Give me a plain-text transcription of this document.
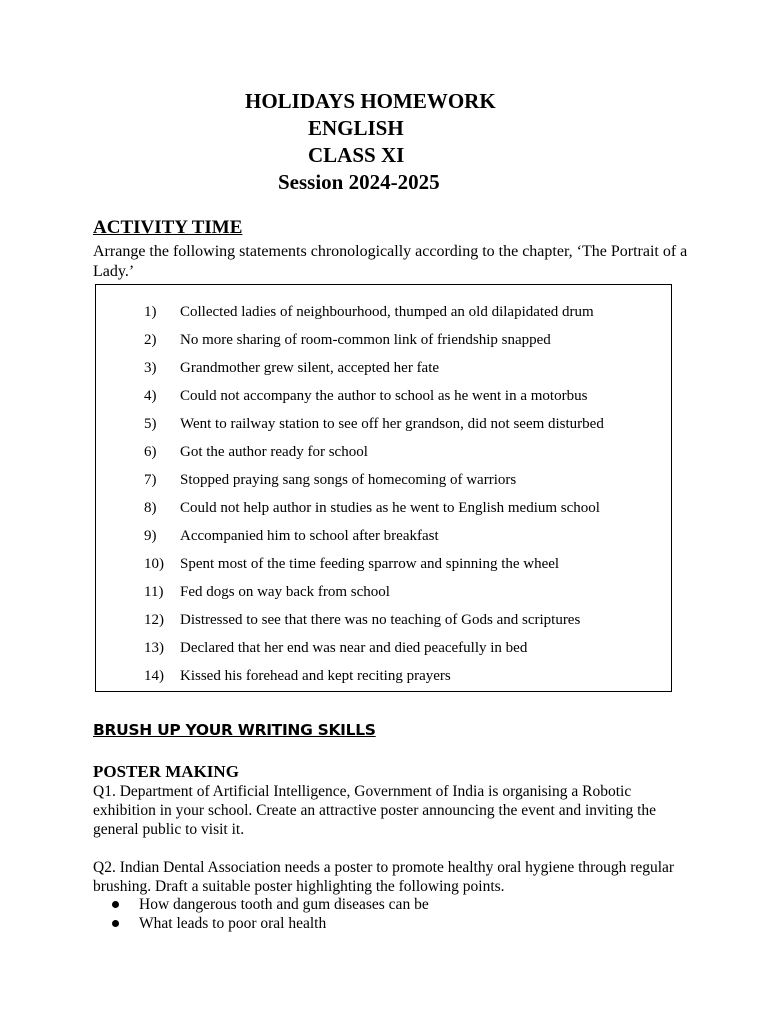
HOLIDAYS HOMEWORK
ENGLISH
CLASS XI
Session 2024-2025
ACTIVITY TIME
Arrange the following statements chronologically according to the chapter, ‘The Portrait of a Lady.’
1)	Collected ladies of neighbourhood, thumped an old dilapidated drum
2)	No more sharing of room-common link of friendship snapped
3)	Grandmother grew silent, accepted her fate
4)	Could not accompany the author to school as he went in a motorbus
5)	Went to railway station to see off her grandson, did not seem disturbed
6)	Got the author ready for school
7)	Stopped praying sang songs of homecoming of warriors
8)	Could not help author in studies as he went to English medium school
9)	Accompanied him to school after breakfast
10)	Spent most of the time feeding sparrow and spinning the wheel
11)	Fed dogs on way back from school
12)	Distressed to see that there was no teaching of Gods and scriptures
13)	Declared that her end was near and died peacefully in bed
14)	Kissed his forehead and kept reciting prayers
BRUSH UP YOUR WRITING SKILLS
POSTER MAKING
Q1. Department of Artificial Intelligence, Government of India is organising a Robotic exhibition in your school. Create an attractive poster announcing the event and inviting the general public to visit it.
Q2. Indian Dental Association needs a poster to promote healthy oral hygiene through regular brushing. Draft a suitable poster highlighting the following points.
How dangerous tooth and gum diseases can be
What leads to poor oral health
